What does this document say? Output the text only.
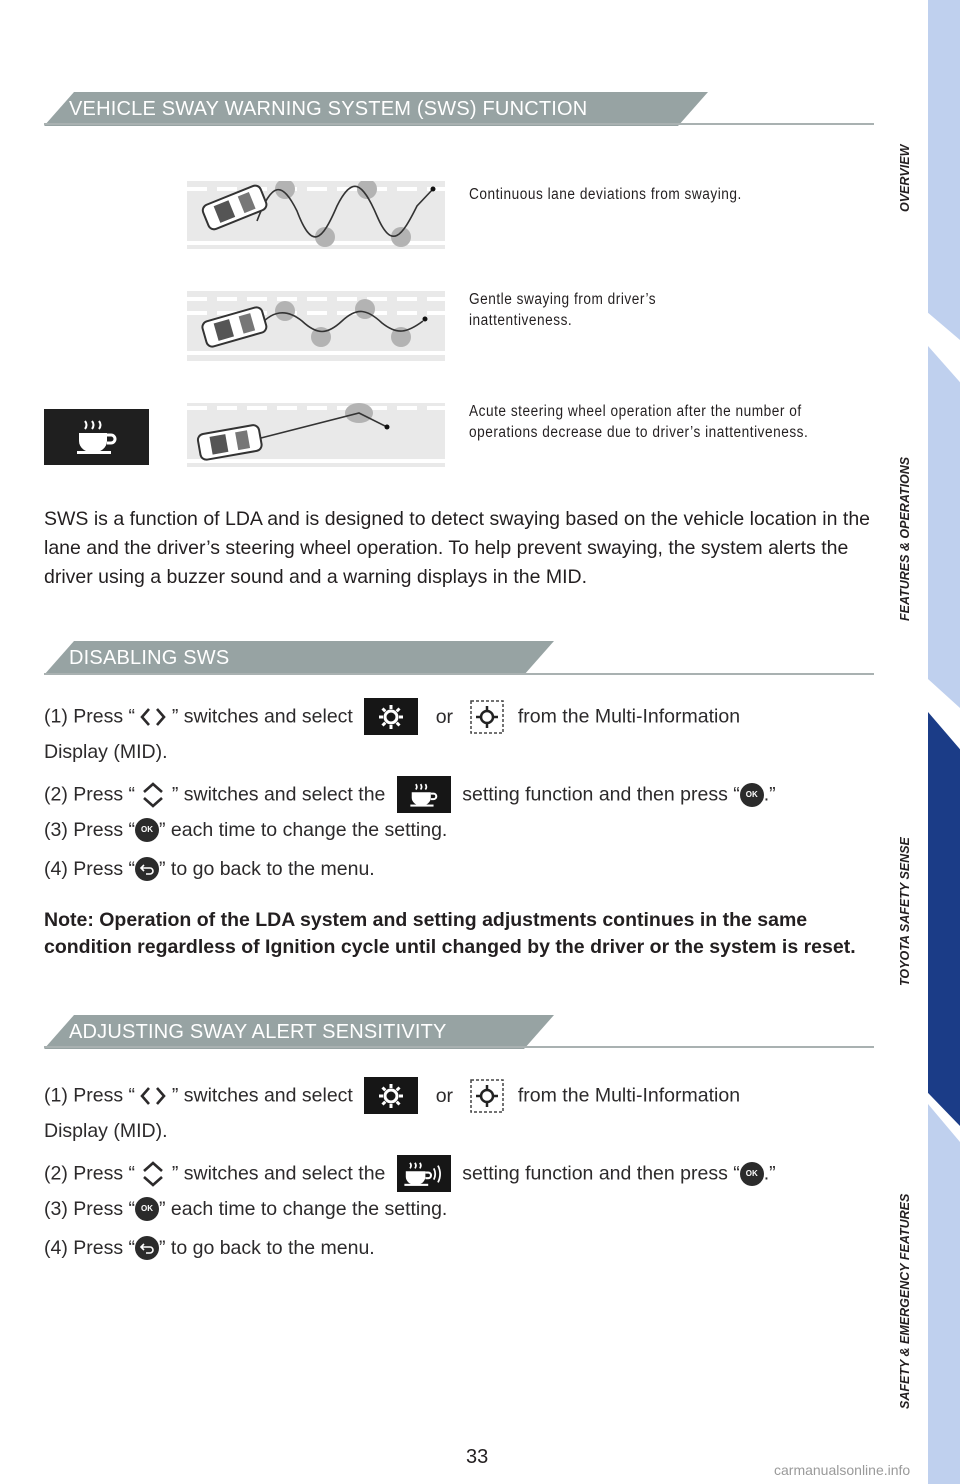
VEHICLE SWAY WARNING SYSTEM (SWS) FUNCTION
Continuous lane deviations from swaying.
Gentle swaying from driver’s inattentiveness.
Acute steering wheel operation after the number of operations decrease due to driver’s inattentiveness.
SWS is a function of LDA and is designed to detect swaying based on the vehicle location in the lane and the driver’s steering wheel operation. To help prevent swaying, the system alerts the driver using a buzzer sound and a warning displays in the MID.
DISABLING SWS
(1) Press “ ” switches and select	or	from the Multi-Information
Display (MID).
(2) Press “ ” switches and select the	setting function and then press “ OK .”
(3) Press “ OK ” each time to change the setting.
(4) Press “ ” to go back to the menu.
Note: Operation of the LDA system and setting adjustments continues in the same condition regardless of Ignition cycle until changed by the driver or the system is reset.
ADJUSTING SWAY ALERT SENSITIVITY
(1) Press “ ” switches and select	or	from the Multi-Information
Display (MID).
(2) Press “ ” switches and select the	setting function and then press “ OK .”
(3) Press “ OK ” each time to change the setting.
(4) Press “ ” to go back to the menu.
OVERVIEW
FEATURES & OPERATIONS
TOYOTA SAFETY SENSE
SAFETY & EMERGENCY FEATURES
33
carmanualsonline.info
